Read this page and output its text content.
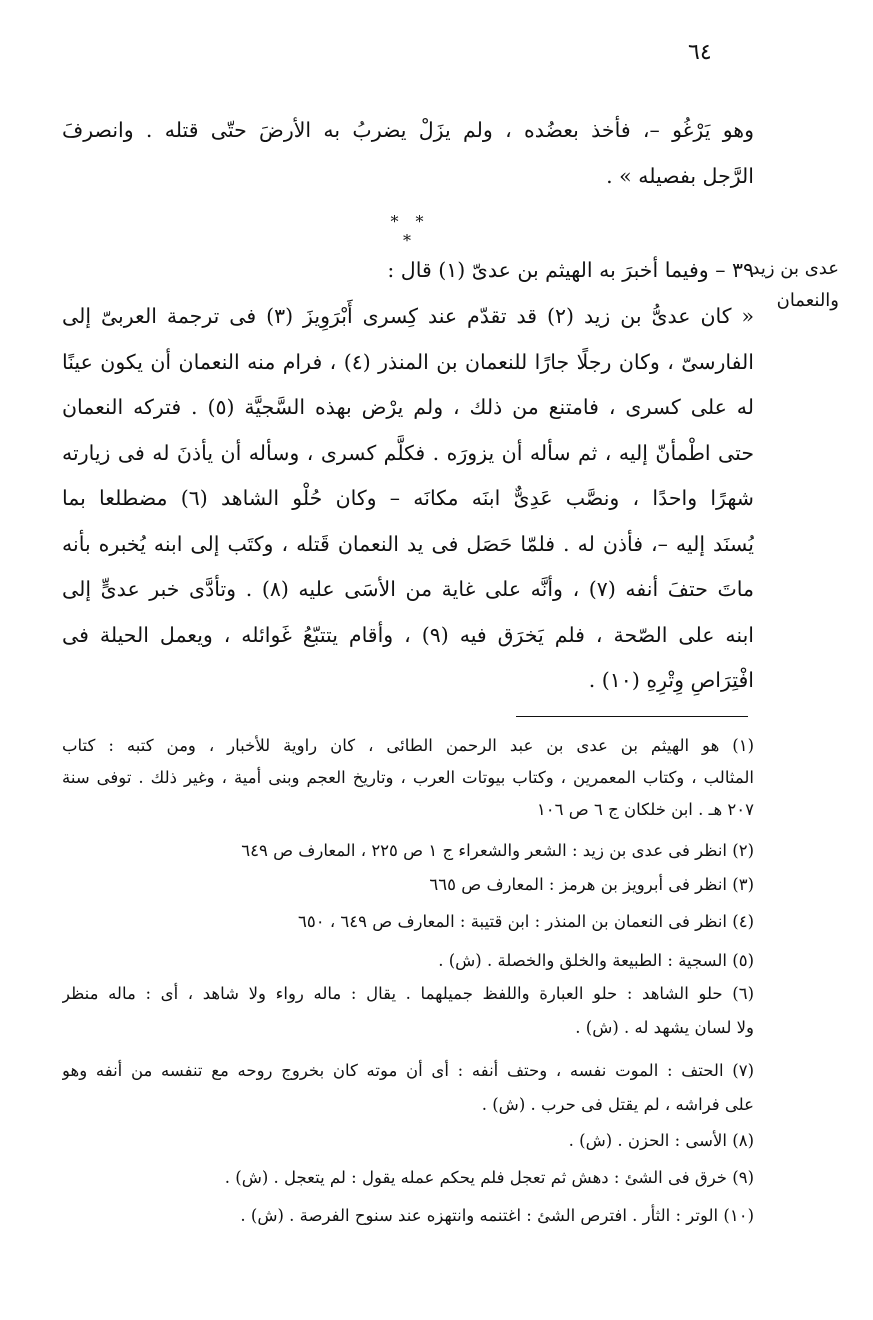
٦٤
وهو يَرْغُو –، فأخذ بعضُده ، ولم يزَلْ يضربُ به الأرضَ حتّى قتله . وانصرفَ
الرَّجل بفصيله » .
* * *
عدى بن زيد
والنعمان
٣٩ – وفيما أخبرَ به الهيثم بن عدىّ (١) قال :
« كان عدىُّ بن زيد (٢) قد تقدّم عند كِسرى أَبْرَوِيزَ (٣) فى ترجمة العربىّ إلى
الفارسىّ ، وكان رجلًا جارًا للنعمان بن المنذر (٤) ، فرام منه النعمان أن يكون عينًا
له على كسرى ، فامتنع من ذلك ، ولم يرْض بهذه السَّجيَّة (٥) . فتركه النعمان
حتى اطْمأنّ إليه ، ثم سأله أن يزورَه . فكلَّم كسرى ، وسأله أن يأذنَ له فى زيارته
شهرًا واحدًا ، ونصَّب عَدِىٌّ ابنَه مكانَه – وكان حُلْو الشاهد (٦) مضطلعا بما
يُسنَد إليه –، فأذن له . فلمّا حَصَل فى يد النعمان قَتله ، وكتَب إلى ابنه يُخبره بأنه
ماتَ حتفَ أنفه (٧) ، وأنَّه على غاية من الأسَى عليه (٨) . وتأدَّى خبر عدىٍّ إلى
ابنه على الصّحة ، فلم يَخرَق فيه (٩) ، وأقام يتتبّعُ غَوائله ، ويعمل الحيلة فى
افْتِرَاصِ وِتْرِهِ (١٠) .
(١) هو الهيثم بن عدى بن عبد الرحمن الطائى ، كان راوية للأخبار ، ومن كتبه : كتاب
المثالب ، وكتاب المعمرين ، وكتاب بيوتات العرب ، وتاريخ العجم وبنى أمية ، وغير ذلك . توفى سنة
٢٠٧ هـ . ابن خلكان ج ٦ ص ١٠٦
(٢) انظر فى عدى بن زيد : الشعر والشعراء ج ١ ص ٢٢٥ ، المعارف ص ٦٤٩
(٣) انظر فى أبرويز بن هرمز : المعارف ص ٦٦٥
(٤) انظر فى النعمان بن المنذر : ابن قتيبة : المعارف ص ٦٤٩ ، ٦٥٠
(٥) السجية : الطبيعة والخلق والخصلة . (ش) .
(٦) حلو الشاهد : حلو العبارة واللفظ جميلهما . يقال : ماله رواء ولا شاهد ، أى : ماله منظر
ولا لسان يشهد له . (ش) .
(٧) الحتف : الموت نفسه ، وحتف أنفه : أى أن موته كان بخروج روحه مع تنفسه من أنفه وهو
على فراشه ، لم يقتل فى حرب . (ش) .
(٨) الأسى : الحزن . (ش) .
(٩) خرق فى الشئ : دهش ثم تعجل فلم يحكم عمله يقول : لم يتعجل . (ش) .
(١٠) الوتر : الثأر . افترص الشئ : اغتنمه وانتهزه عند سنوح الفرصة . (ش) .
